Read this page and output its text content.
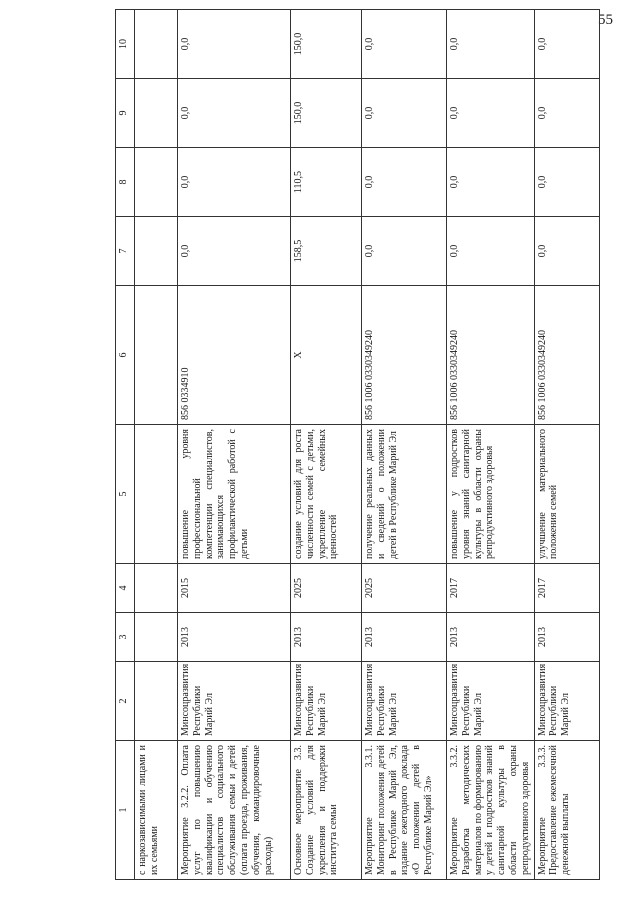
55
1	2	3	4	5	6	7	8	9	10
с наркозависимыми лицами и их семьями									
Мероприятие 3.2.2. Оплата услуг по повышению квалификации и обучению специалистов социального обслуживания семьи и детей (оплата проезда, проживания, обучения, командировочные расходы)	Минсоцразвития Республики Марий Эл	2013	2015	повышение уровня профессиональной компетенции специалистов, занимающихся профилактической работой с детьми	856 0334910	0,0	0,0	0,0	0,0
Основное мероприятие 3.3. Создание условий для укрепления и поддержки института семьи	Минсоцразвития Республики Марий Эл	2013	2025	создание условий для роста численности семей с детьми, укрепление семейных ценностей	X	158,5	110,5	150,0	150,0
Мероприятие 3.3.1. Мониторинг положения детей в Республике Марий Эл, издание ежегодного доклада «О положении детей в Республике Марий Эл»	Минсоцразвития Республики Марий Эл	2013	2025	получение реальных данных и сведений о положении детей в Республике Марий Эл	856 1006 0330349240	0,0	0,0	0,0	0,0
Мероприятие 3.3.2. Разработка методических материалов по формированию у детей и подростков знаний санитарной культуры в области охраны репродуктивного здоровья	Минсоцразвития Республики Марий Эл	2013	2017	повышение у подростков уровня знаний санитарной культуры в области охраны репродуктивного здоровья	856 1006 0330349240	0,0	0,0	0,0	0,0
Мероприятие 3.3.3. Предоставление ежемесячной денежной выплаты	Минсоцразвития Республики Марий Эл	2013	2017	улучшение материального положения семей	856 1006 0330349240	0,0	0,0	0,0	0,0
